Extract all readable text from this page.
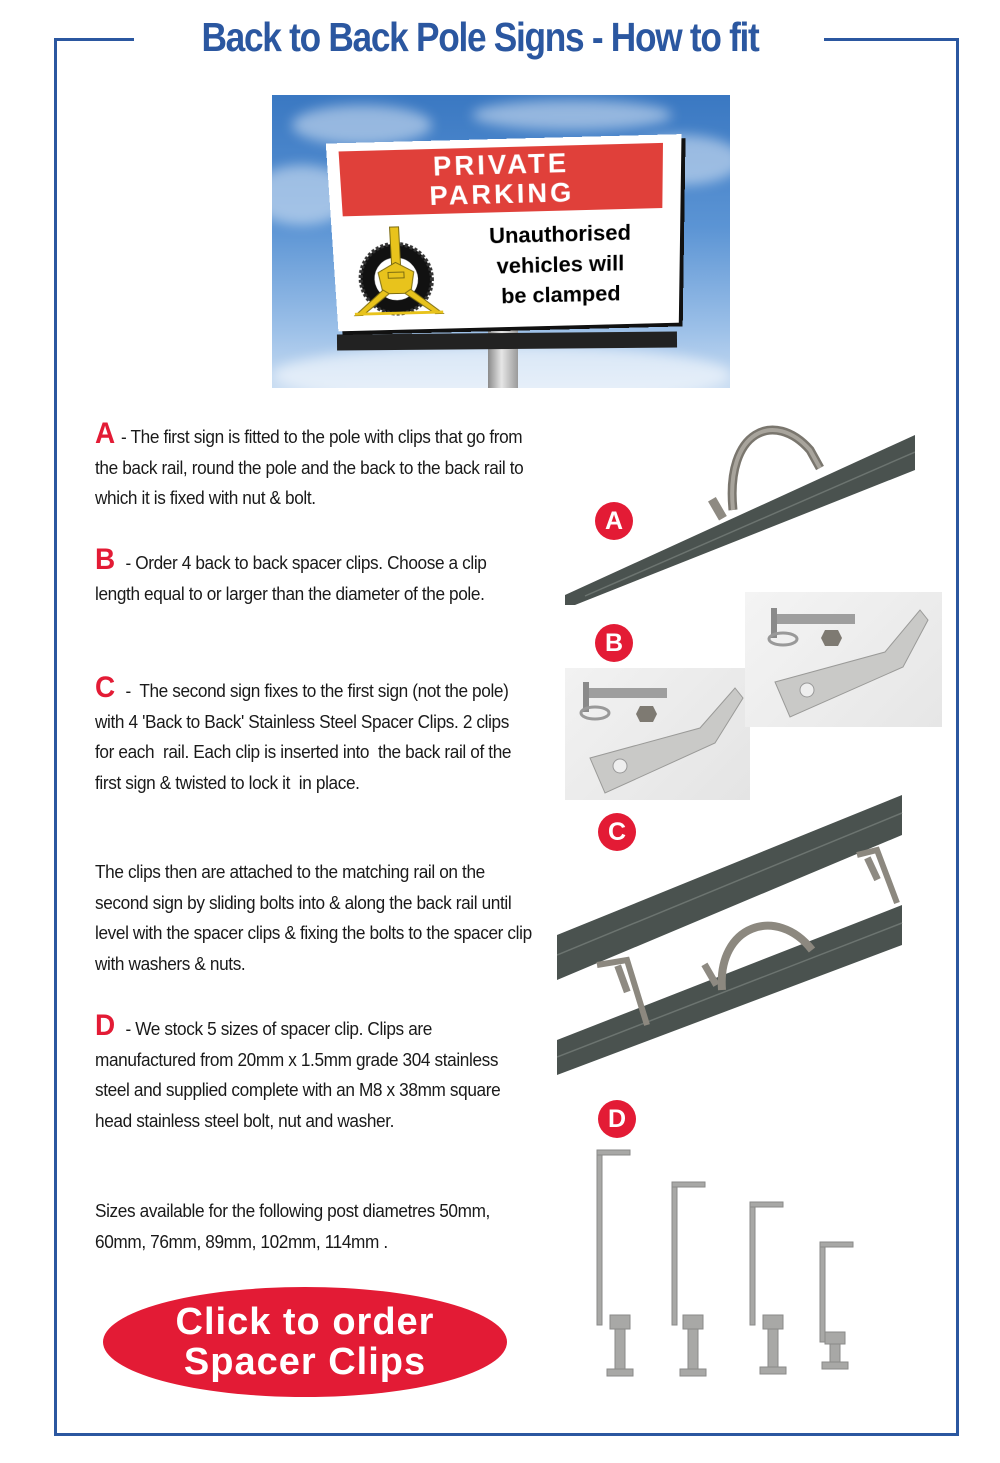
Back to Back Pole Signs - How to fit
PRIVATE
PARKING
Unauthorised
vehicles will
be clamped

A - The first sign is fitted to the pole with clips that go from the back rail, round the pole and the back to the back rail to which it is fixed with nut & bolt.

B  - Order 4 back to back spacer clips. Choose a clip length equal to or larger than the diameter of the pole.

C  -  The second sign fixes to the first sign (not the pole) with 4 'Back to Back' Stainless Steel Spacer Clips. 2 clips for each  rail. Each clip is inserted into  the back rail of the first sign & twisted to lock it  in place.

The clips then are attached to the matching rail on the second sign by sliding bolts into & along the back rail until level with the spacer clips & fixing the bolts to the spacer clip with washers & nuts.

D  - We stock 5 sizes of spacer clip. Clips are manufactured from 20mm x 1.5mm grade 304 stainless steel and supplied complete with an M8 x 38mm square head stainless steel bolt, nut and washer.

Sizes available for the following post diametres 50mm, 60mm, 76mm, 89mm, 102mm, 114mm .

A
B
C
D
Click to order
Spacer Clips
